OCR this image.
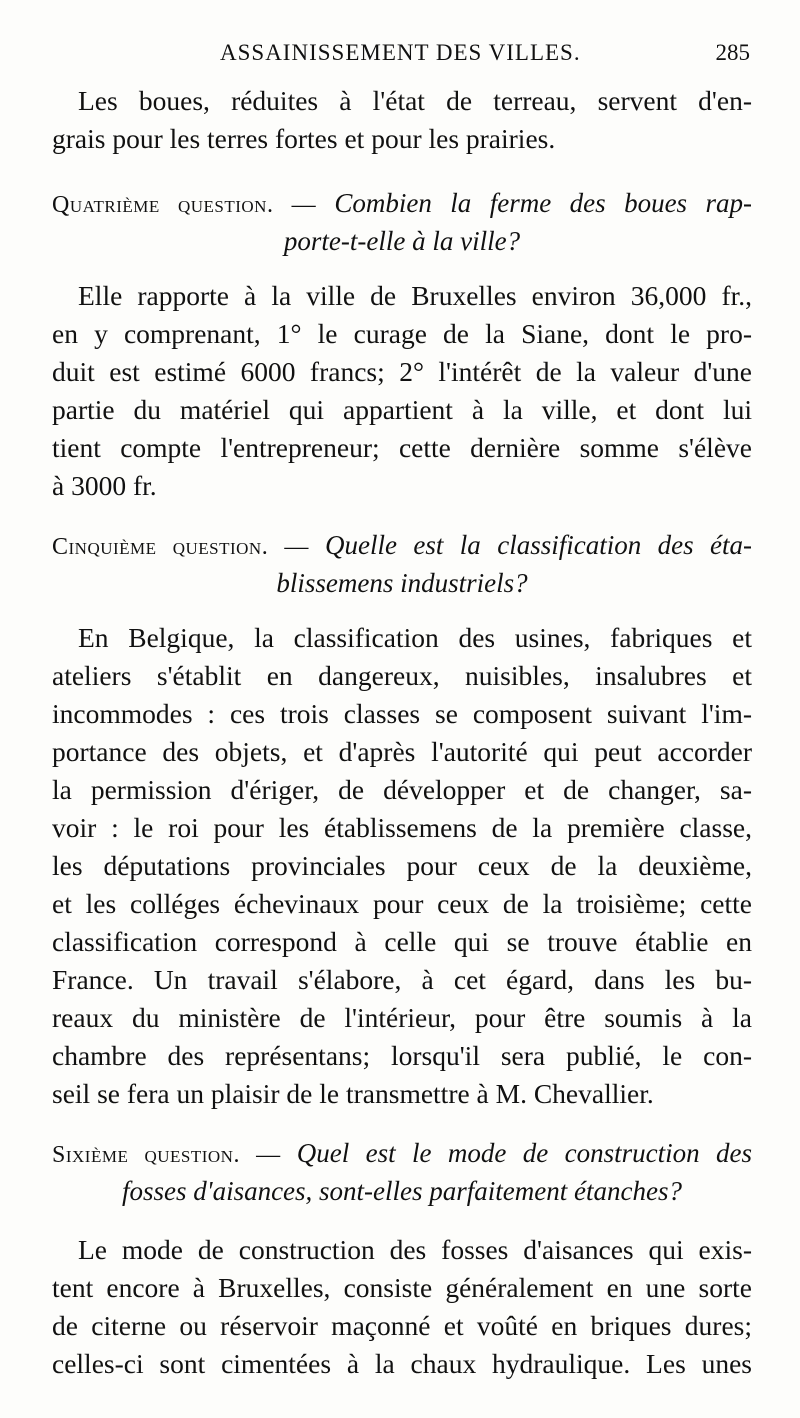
ASSAINISSEMENT DES VILLES.	285
Les boues, réduites à l'état de terreau, servent d'en-
grais pour les terres fortes et pour les prairies.
Quatrième question. — Combien la ferme des boues rap-
porte-t-elle à la ville?
Elle rapporte à la ville de Bruxelles environ 36,000 fr.,
en y comprenant, 1° le curage de la Siane, dont le pro-
duit est estimé 6000 francs; 2° l'intérêt de la valeur d'une
partie du matériel qui appartient à la ville, et dont lui
tient compte l'entrepreneur; cette dernière somme s'élève
à 3000 fr.
Cinquième question. — Quelle est la classification des éta-
blissemens industriels?
En Belgique, la classification des usines, fabriques et
ateliers s'établit en dangereux, nuisibles, insalubres et
incommodes : ces trois classes se composent suivant l'im-
portance des objets, et d'après l'autorité qui peut accorder
la permission d'ériger, de développer et de changer, sa-
voir : le roi pour les établissemens de la première classe,
les députations provinciales pour ceux de la deuxième,
et les colléges échevinaux pour ceux de la troisième; cette
classification correspond à celle qui se trouve établie en
France. Un travail s'élabore, à cet égard, dans les bu-
reaux du ministère de l'intérieur, pour être soumis à la
chambre des représentans; lorsqu'il sera publié, le con-
seil se fera un plaisir de le transmettre à M. Chevallier.
Sixième question. — Quel est le mode de construction des
fosses d'aisances, sont-elles parfaitement étanches?
Le mode de construction des fosses d'aisances qui exis-
tent encore à Bruxelles, consiste généralement en une sorte
de citerne ou réservoir maçonné et voûté en briques dures;
celles-ci sont cimentées à la chaux hydraulique. Les unes
